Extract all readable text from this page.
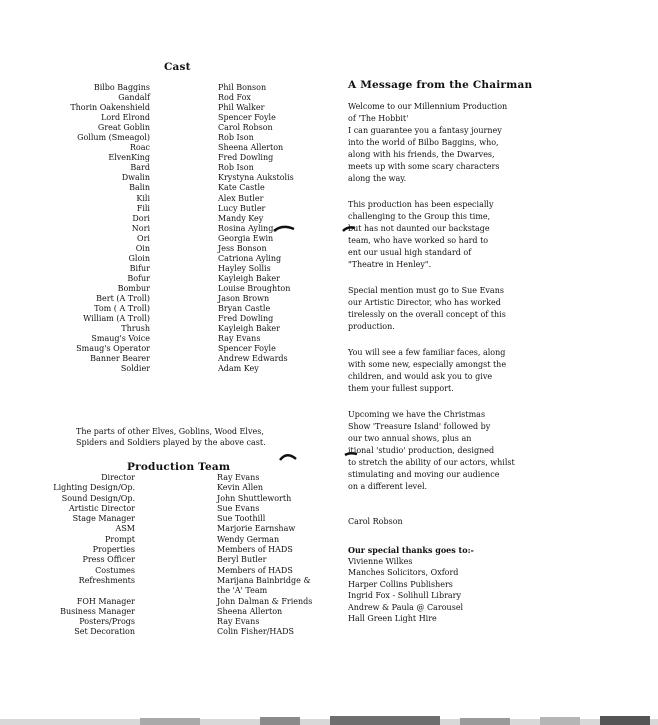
Cast
Bilbo Baggins
Gandalf
Thorin Oakenshield
Lord Elrond
Great Goblin
Gollum (Smeagol)
Roac
ElvenKing
Bard
Dwalin
Balin
Kili
Fili
Dori
Nori
Ori
Oin
Gloin
Bifur
Bofur
Bombur
Bert (A Troll)
Tom ( A Troll)
William (A Troll)
Thrush
Smaug's Voice
Smaug's Operator
Banner Bearer
Soldier
Phil Bonson
Rod Fox
Phil Walker
Spencer Foyle
Carol Robson
Rob Ison
Sheena Allerton
Fred Dowling
Rob Ison
Krystyna Aukstolis
Kate Castle
Alex Butler
Lucy Butler
Mandy Key
Rosina Ayling
Georgia Ewin
Jess Bonson
Catriona Ayling
Hayley Sollis
Kayleigh Baker
Louise Broughton
Jason Brown
Bryan Castle
Fred Dowling
Kayleigh Baker
Ray Evans
Spencer Foyle
Andrew Edwards
Adam Key
The parts of other Elves, Goblins, Wood Elves,
Spiders and Soldiers played by the above cast.
Production Team
Director
Lighting Design/Op.
Sound Design/Op.
Artistic Director
Stage Manager
ASM
Prompt
Properties
Press Officer
Costumes
Refreshments
FOH Manager
Business Manager
Posters/Progs
Set Decoration
Ray Evans
Kevin Allen
John Shuttleworth
Sue Evans
Sue Toothill
Marjorie Earnshaw
Wendy German
Members of HADS
Beryl Butler
Members of HADS
Marijana Bainbridge &
the 'A' Team
John Dalman & Friends
Sheena Allerton
Ray Evans
Colin Fisher/HADS
A Message from the Chairman
Welcome to our Millennium Production
of 'The Hobbit'
I can guarantee you a fantasy journey
into the world of Bilbo Baggins, who,
along with his friends, the Dwarves,
meets up with some scary characters
along the way.
This production has been especially
challenging to the Group this time,
but has not daunted our backstage
team, who have worked so hard to
ent our usual high standard of
"Theatre in Henley".
Special mention must go to Sue Evans
our Artistic Director, who has worked
tirelessly on the overall concept of this
production.
You will see a few familiar faces, along
with some new, especially amongst the
children, and would ask you to give
them your fullest support.
Upcoming we have the Christmas
Show 'Treasure Island' followed by
our two annual shows, plus an
itional 'studio' production, designed
to stretch the ability of our actors, whilst
stimulating and moving our audience
on a different level.
Carol Robson
Our special thanks goes to:-
Vivienne Wilkes
Manches Solicitors, Oxford
Harper Collins Publishers
Ingrid Fox - Solihull Library
Andrew & Paula @ Carousel
Hall Green Light Hire
